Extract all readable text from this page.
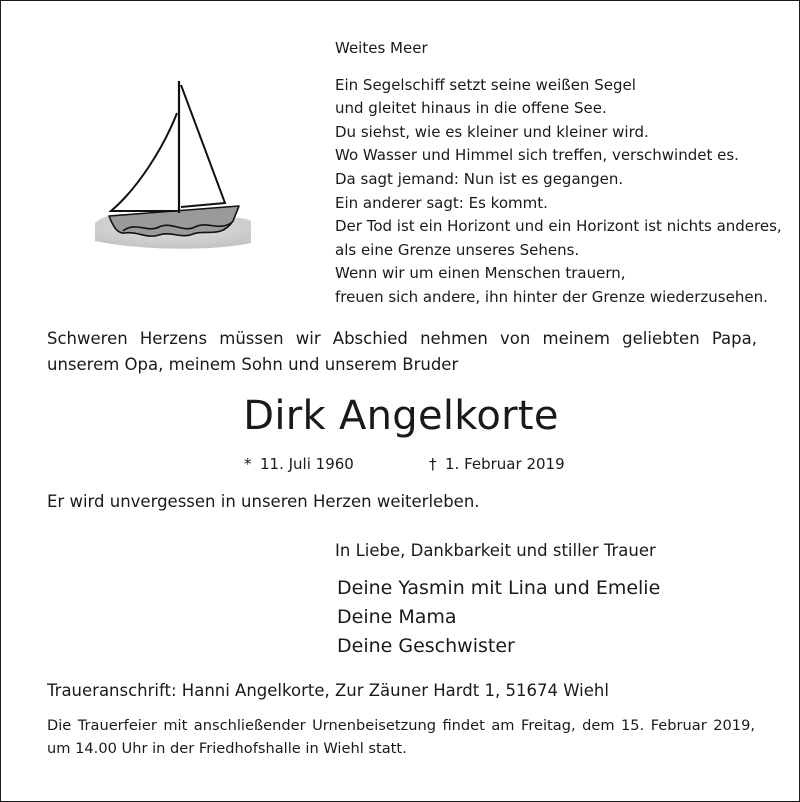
Weites Meer
Ein Segelschiff setzt seine weißen Segel
und gleitet hinaus in die offene See.
Du siehst, wie es kleiner und kleiner wird.
Wo Wasser und Himmel sich treffen, verschwindet es.
Da sagt jemand: Nun ist es gegangen.
Ein anderer sagt: Es kommt.
Der Tod ist ein Horizont und ein Horizont ist nichts anderes,
als eine Grenze unseres Sehens.
Wenn wir um einen Menschen trauern,
freuen sich andere, ihn hinter der Grenze wiederzusehen.
Schweren Herzens müssen wir Abschied nehmen von meinem geliebten Papa, unserem Opa, meinem Sohn und unserem Bruder
Dirk Angelkorte
* 11. Juli 1960	† 1. Februar 2019
Er wird unvergessen in unseren Herzen weiterleben.
In Liebe, Dankbarkeit und stiller Trauer
Deine Yasmin mit Lina und Emelie
Deine Mama
Deine Geschwister
Traueranschrift: Hanni Angelkorte, Zur Zäuner Hardt 1, 51674 Wiehl
Die Trauerfeier mit anschließender Urnenbeisetzung findet am Freitag, dem 15. Februar 2019, um 14.00 Uhr in der Friedhofshalle in Wiehl statt.
